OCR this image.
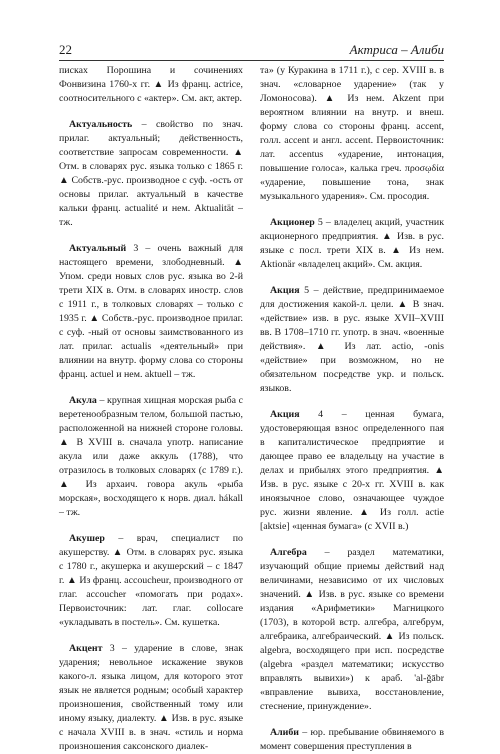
22	Актриса – Алиби

писках Порошина и сочинениях Фонвизина 1760-х гг. ▲ Из франц. actrice, соотносительного с «актер». См. акт, актер.

Актуальность – свойство по знач. прилаг. актуальный; действенность, соответствие запросам современности. ▲ Отм. в словарях рус. языка только с 1865 г. ▲ Собств.-рус. производное с суф. -ость от основы прилаг. актуальный в качестве кальки франц. actualité и нем. Aktualität – тж.

Актуальный 3 – очень важный для настоящего времени, злободневный. ▲ Упом. среди новых слов рус. языка во 2-й трети XIX в. Отм. в словарях иностр. слов с 1911 г., в толковых словарях – только с 1935 г. ▲ Собств.-рус. производное прилаг. с суф. -ный от основы заимствованного из лат. прилаг. actualis «деятельный» при влиянии на внутр. форму слова со стороны франц. actuel и нем. aktuell – тж.

Акула – крупная хищная морская рыба с веретенообразным телом, большой пастью, расположенной на нижней стороне головы. ▲ В XVIII в. сначала употр. написание акула или даже аккуль (1788), что отразилось в толковых словарях (с 1789 г.). ▲ Из архаич. говора акуль «рыба морская», восходящего к норв. диал. hákall – тж.

Акушер – врач, специалист по акушерству. ▲ Отм. в словарях рус. языка с 1780 г., акушерка и акушерский – с 1847 г. ▲ Из франц. accoucheur, производного от глаг. accoucher «помогать при родах». Первоисточник: лат. глаг. collocare «укладывать в постель». См. кушетка.

Акцент 3 – ударение в слове, знак ударения; невольное искажение звуков какого-л. языка лицом, для которого этот язык не является родным; особый характер произношения, свойственный тому или иному языку, диалекту. ▲ Изв. в рус. языке с начала XVIII в. в знач. «стиль и норма произношения саксонского диалек-

та» (у Куракина в 1711 г.), с сер. XVIII в. в знач. «словарное ударение» (так у Ломоносова). ▲ Из нем. Akzent при вероятном влиянии на внутр. и внеш. форму слова со стороны франц. accent, голл. accent и англ. accent. Первоисточник: лат. accentus «ударение, интонация, повышение голоса», калька греч. προσῳδία «ударение, повышение тона, знак музыкального ударения». См. просодия.

Акционер 5 – владелец акций, участник акционерного предприятия. ▲ Изв. в рус. языке с посл. трети XIX в. ▲ Из нем. Aktionär «владелец акций». См. акция.

Акция 5 – действие, предпринимаемое для достижения какой-л. цели. ▲ В знач. «действие» изв. в рус. языке XVII–XVIII вв. В 1708–1710 гг. употр. в знач. «военные действия». ▲ Из лат. actio, -onis «действие» при возможном, но не обязательном посредстве укр. и польск. языков.

Акция 4 – ценная бумага, удостоверяющая взнос определенного пая в капиталистическое предприятие и дающее право ее владельцу на участие в делах и прибылях этого предприятия. ▲ Изв. в рус. языке с 20-х гг. XVIII в. как иноязычное слово, означающее чуждое рус. жизни явление. ▲ Из голл. actie [aktsie] «ценная бумага» (с XVII в.)

Алгебра – раздел математики, изучающий общие приемы действий над величинами, независимо от их числовых значений. ▲ Изв. в рус. языке со времени издания «Арифметики» Магницкого (1703), в которой встр. алгебра, алгебрум, алгебраика, алгебраический. ▲ Из польск. algebra, восходящего при исп. посредстве (algebra «раздел математики; искусство вправлять вывихи») к араб. 'al-ǧābr «вправление вывиха, восстановление, стеснение, принуждение».

Алиби – юр. пребывание обвиняемого в момент совершения преступления в
